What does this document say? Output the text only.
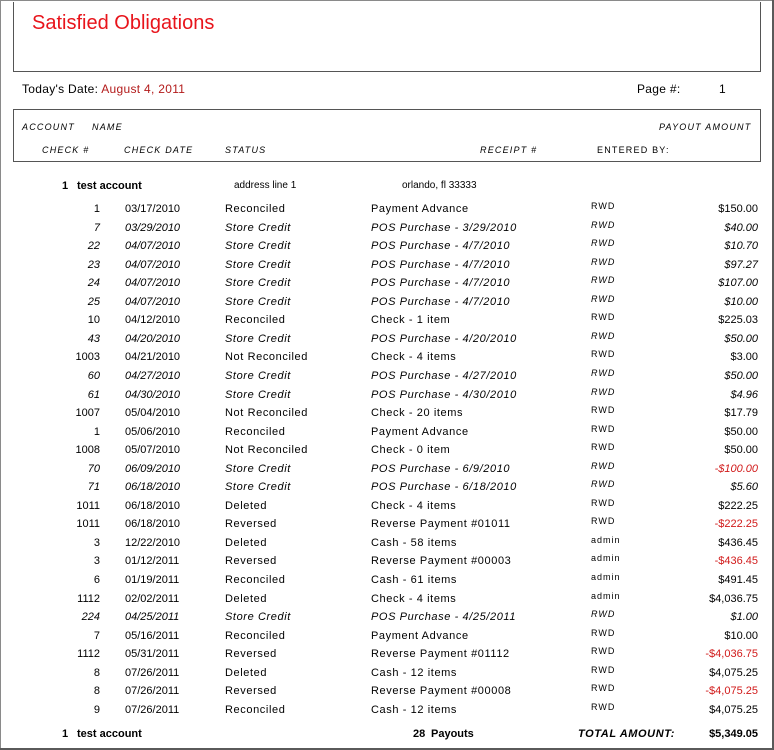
Satisfied Obligations
Today's Date: August 4, 2011	Page #:	1
ACCOUNT NAME	PAYOUT AMOUNT
CHECK #	CHECK DATE	STATUS	RECEIPT #	ENTERED BY:
1 test account	address line 1	orlando, fl 33333
1 03/17/2010	Reconciled	Payment Advance	RWD	$150.00
7 03/29/2010	Store Credit	POS Purchase - 3/29/2010	RWD	$40.00
22 04/07/2010	Store Credit	POS Purchase - 4/7/2010	RWD	$10.70
23 04/07/2010	Store Credit	POS Purchase - 4/7/2010	RWD	$97.27
24 04/07/2010	Store Credit	POS Purchase - 4/7/2010	RWD	$107.00
25 04/07/2010	Store Credit	POS Purchase - 4/7/2010	RWD	$10.00
10 04/12/2010	Reconciled	Check - 1 item	RWD	$225.03
43 04/20/2010	Store Credit	POS Purchase - 4/20/2010	RWD	$50.00
1003 04/21/2010	Not Reconciled	Check - 4 items	RWD	$3.00
60 04/27/2010	Store Credit	POS Purchase - 4/27/2010	RWD	$50.00
61 04/30/2010	Store Credit	POS Purchase - 4/30/2010	RWD	$4.96
1007 05/04/2010	Not Reconciled	Check - 20 items	RWD	$17.79
1 05/06/2010	Reconciled	Payment Advance	RWD	$50.00
1008 05/07/2010	Not Reconciled	Check - 0 item	RWD	$50.00
70 06/09/2010	Store Credit	POS Purchase - 6/9/2010	RWD	-$100.00
71 06/18/2010	Store Credit	POS Purchase - 6/18/2010	RWD	$5.60
1011 06/18/2010	Deleted	Check - 4 items	RWD	$222.25
1011 06/18/2010	Reversed	Reverse Payment #01011	RWD	-$222.25
3 12/22/2010	Deleted	Cash - 58 items	admin	$436.45
3 01/12/2011	Reversed	Reverse Payment #00003	admin	-$436.45
6 01/19/2011	Reconciled	Cash - 61 items	admin	$491.45
1112 02/02/2011	Deleted	Check - 4 items	admin	$4,036.75
224 04/25/2011	Store Credit	POS Purchase - 4/25/2011	RWD	$1.00
7 05/16/2011	Reconciled	Payment Advance	RWD	$10.00
1112 05/31/2011	Reversed	Reverse Payment #01112	RWD	-$4,036.75
8 07/26/2011	Deleted	Cash - 12 items	RWD	$4,075.25
8 07/26/2011	Reversed	Reverse Payment #00008	RWD	-$4,075.25
9 07/26/2011	Reconciled	Cash - 12 items	RWD	$4,075.25
1 test account	28 Payouts	TOTAL AMOUNT:	$5,349.05
